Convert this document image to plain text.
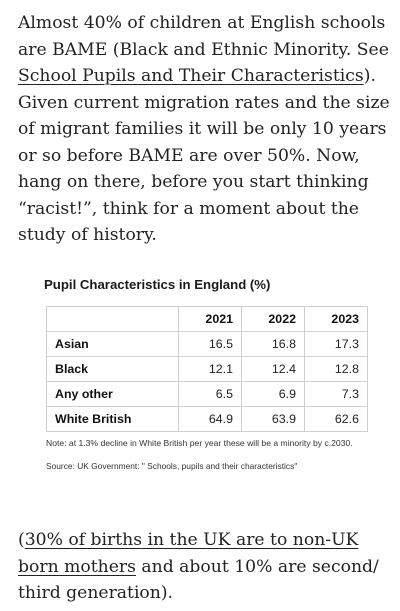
Almost 40% of children at English schools are BAME (Black and Ethnic Minority. See School Pupils and Their Characteristics). Given current migration rates and the size of migrant families it will be only 10 years or so before BAME are over 50%. Now, hang on there, before you start thinking “racist!”, think for a moment about the study of history.

Pupil Characteristics in England (%)

	2021	2022	2023
Asian	16.5	16.8	17.3
Black	12.1	12.4	12.8
Any other	6.5	6.9	7.3
White British	64.9	63.9	62.6

Note: at 1.3% decline in White British per year these will be a minority by c.2030.

Source: UK Government: " Schools, pupils and their characteristics"

(30% of births in the UK are to non-UK born mothers and about 10% are second/ third generation).
